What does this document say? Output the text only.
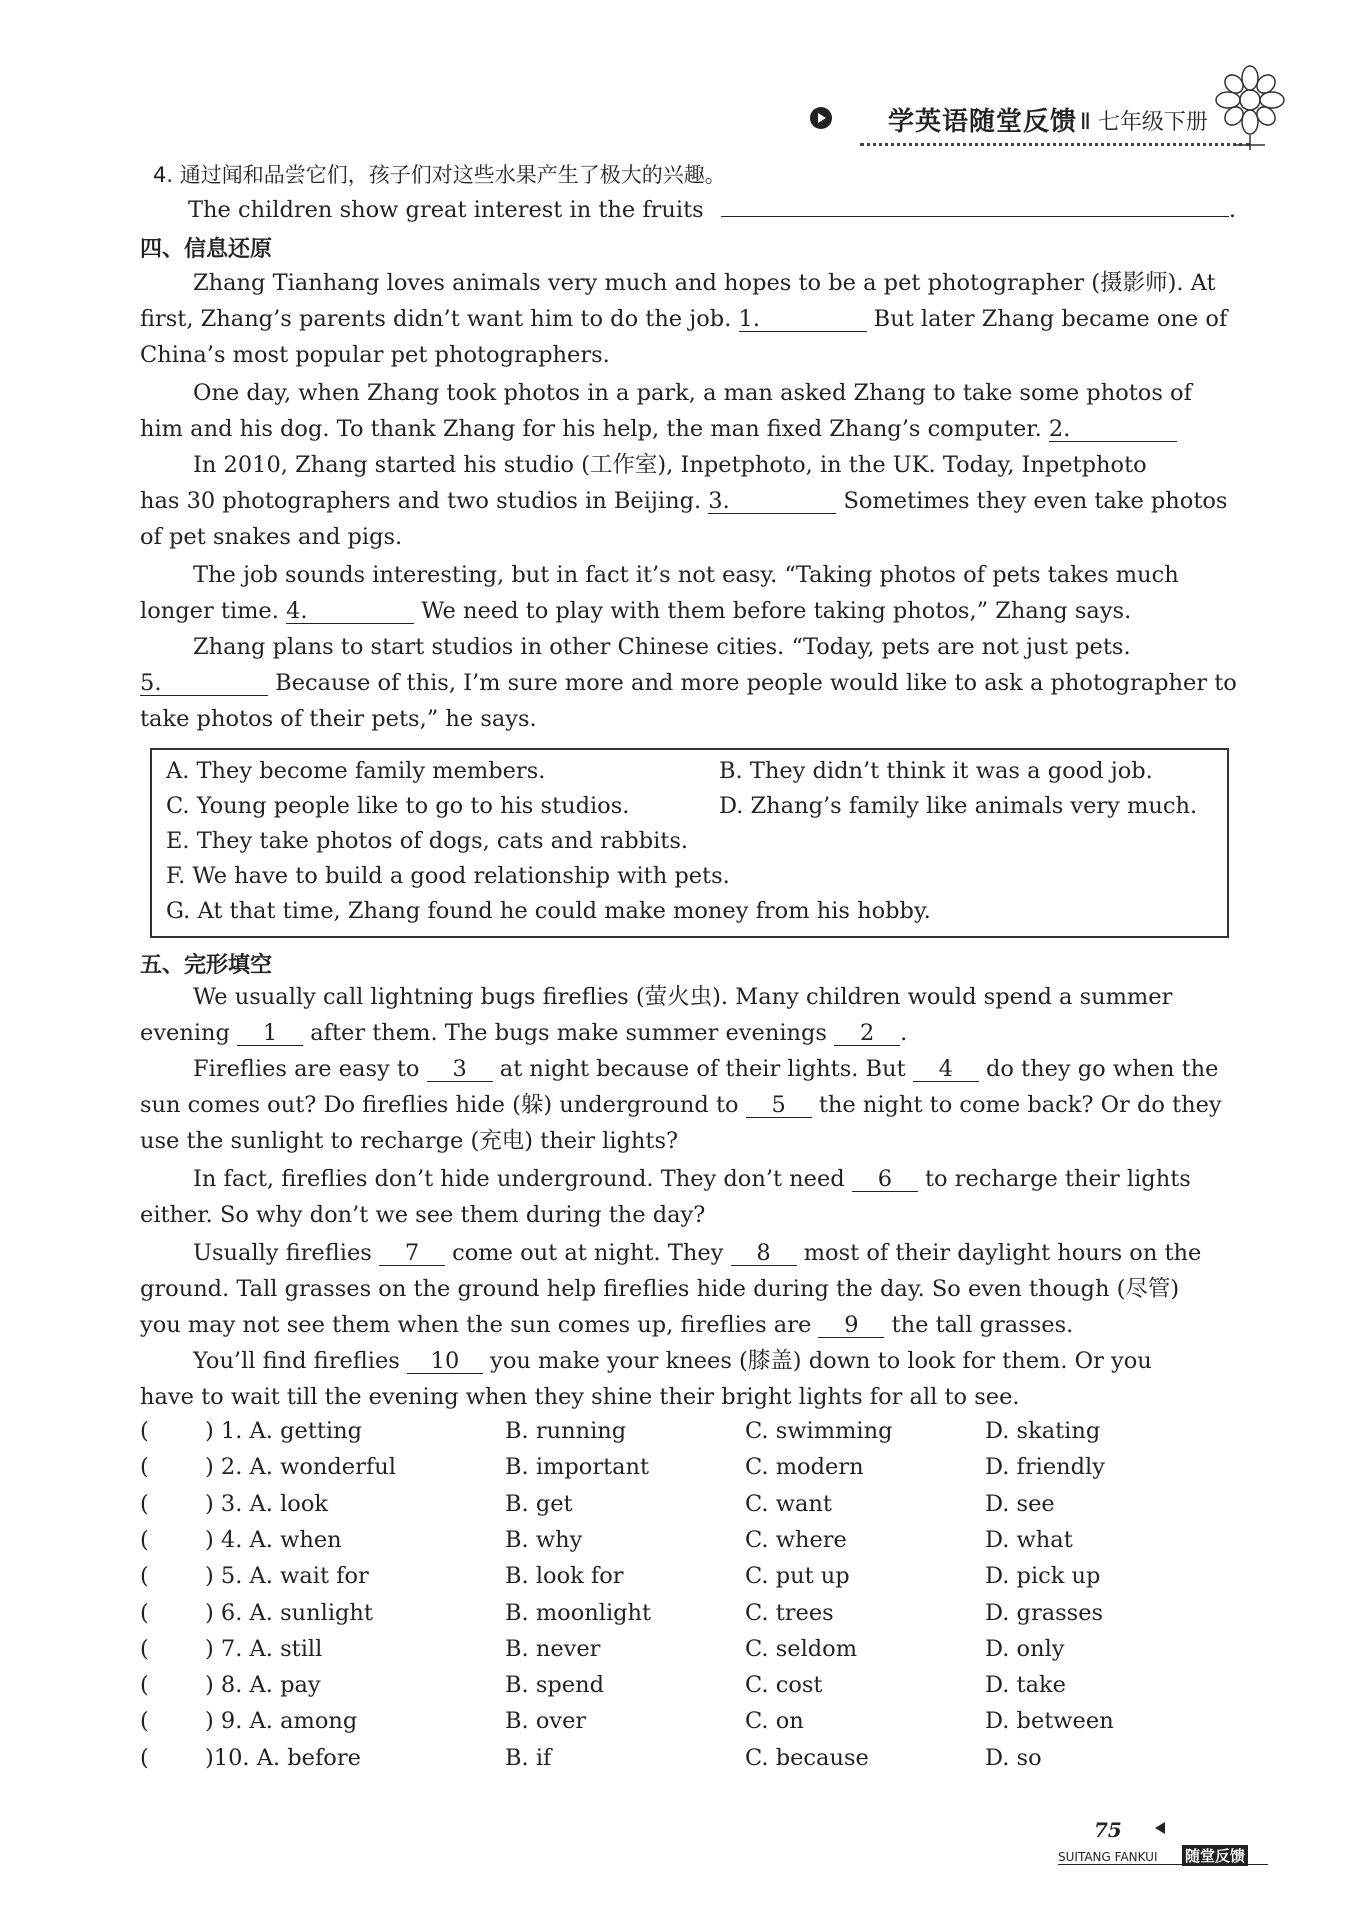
学英语随堂反馈 Ⅱ 七年级下册
4. 通过闻和品尝它们，孩子们对这些水果产生了极大的兴趣。
The children show great interest in the fruits	.
四、信息还原
Zhang Tianhang loves animals very much and hopes to be a pet photographer (摄影师). At
first, Zhang’s parents didn’t want him to do the job. 1.	But later Zhang became one of
China’s most popular pet photographers.
One day, when Zhang took photos in a park, a man asked Zhang to take some photos of
him and his dog. To thank Zhang for his help, the man fixed Zhang’s computer. 2.
In 2010, Zhang started his studio (工作室), Inpetphoto, in the UK. Today, Inpetphoto
has 30 photographers and two studios in Beijing. 3.	Sometimes they even take photos
of pet snakes and pigs.
The job sounds interesting, but in fact it’s not easy. “Taking photos of pets takes much
longer time. 4.	We need to play with them before taking photos,” Zhang says.
Zhang plans to start studios in other Chinese cities. “Today, pets are not just pets.
5.	Because of this, I’m sure more and more people would like to ask a photographer to
take photos of their pets,” he says.
A. They become family members.	B. They didn’t think it was a good job.
C. Young people like to go to his studios.	D. Zhang’s family like animals very much.
E. They take photos of dogs, cats and rabbits.
F. We have to build a good relationship with pets.
G. At that time, Zhang found he could make money from his hobby.
五、完形填空
We usually call lightning bugs fireflies (萤火虫). Many children would spend a summer
evening 1 after them. The bugs make summer evenings 2 .
Fireflies are easy to 3 at night because of their lights. But 4 do they go when the
sun comes out? Do fireflies hide (躲) underground to 5 the night to come back? Or do they
use the sunlight to recharge (充电) their lights?
In fact, fireflies don’t hide underground. They don’t need 6 to recharge their lights
either. So why don’t we see them during the day?
Usually fireflies 7 come out at night. They 8 most of their daylight hours on the
ground. Tall grasses on the ground help fireflies hide during the day. So even though (尽管)
you may not see them when the sun comes up, fireflies are 9 the tall grasses.
You’ll find fireflies 10 you make your knees (膝盖) down to look for them. Or you
have to wait till the evening when they shine their bright lights for all to see.
( ) 1. A. getting	B. running	C. swimming	D. skating
( ) 2. A. wonderful	B. important	C. modern	D. friendly
( ) 3. A. look	B. get	C. want	D. see
( ) 4. A. when	B. why	C. where	D. what
( ) 5. A. wait for	B. look for	C. put up	D. pick up
( ) 6. A. sunlight	B. moonlight	C. trees	D. grasses
( ) 7. A. still	B. never	C. seldom	D. only
( ) 8. A. pay	B. spend	C. cost	D. take
( ) 9. A. among	B. over	C. on	D. between
( )10. A. before	B. if	C. because	D. so
75
SUITANG FANKUI 随堂反馈
